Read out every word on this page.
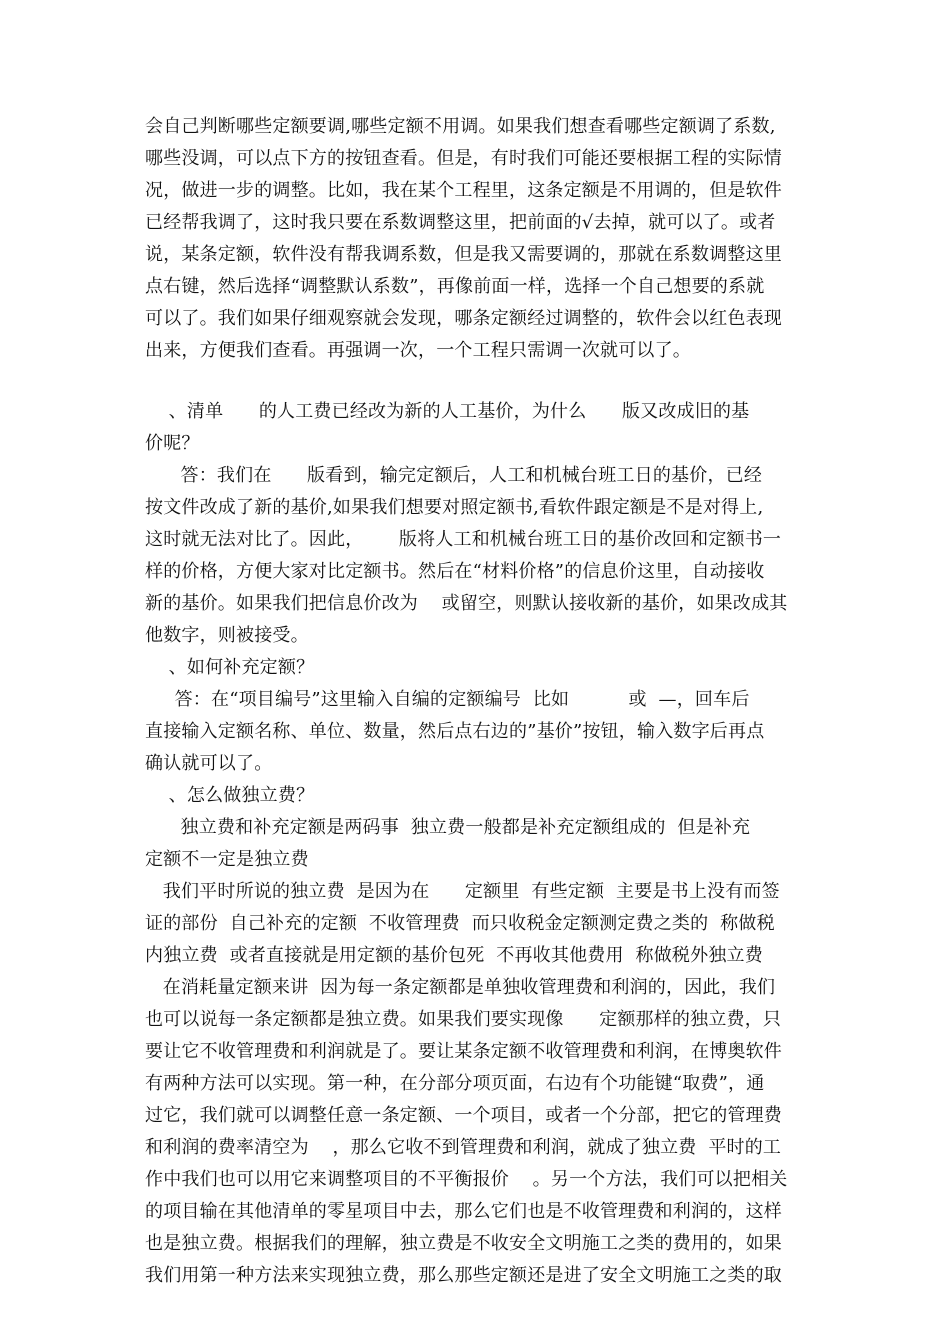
会自己判断哪些定额要调,哪些定额不用调。如果我们想查看哪些定额调了系数,
哪些没调，可以点下方的按钮查看。但是，有时我们可能还要根据工程的实际情
况，做进一步的调整。比如，我在某个工程里，这条定额是不用调的，但是软件
已经帮我调了，这时我只要在系数调整这里，把前面的√去掉，就可以了。或者
说，某条定额，软件没有帮我调系数，但是我又需要调的，那就在系数调整这里
点右键，然后选择“调整默认系数”，再像前面一样，选择一个自己想要的系就
可以了。我们如果仔细观察就会发现，哪条定额经过调整的，软件会以红色表现
出来，方便我们查看。再强调一次，一个工程只需调一次就可以了。
、清单      的人工费已经改为新的人工基价，为什么      版又改成旧的基
价呢？
答：我们在      版看到，输完定额后，人工和机械台班工日的基价，已经
按文件改成了新的基价,如果我们想要对照定额书,看软件跟定额是不是对得上,
这时就无法对比了。因此，      版将人工和机械台班工日的基价改回和定额书一
样的价格，方便大家对比定额书。然后在“材料价格”的信息价这里，自动接收
新的基价。如果我们把信息价改为    或留空，则默认接收新的基价，如果改成其
他数字，则被接受。
、如何补充定额？
答：在“项目编号”这里输入自编的定额编号  比如          或  —，回车后
直接输入定额名称、单位、数量，然后点右边的”基价”按钮，输入数字后再点
确认就可以了。
、怎么做独立费？
独立费和补充定额是两码事  独立费一般都是补充定额组成的  但是补充
定额不一定是独立费
我们平时所说的独立费  是因为在      定额里  有些定额  主要是书上没有而签
证的部份  自己补充的定额  不收管理费  而只收税金定额测定费之类的  称做税
内独立费  或者直接就是用定额的基价包死  不再收其他费用  称做税外独立费
在消耗量定额来讲  因为每一条定额都是单独收管理费和利润的，因此，我们
也可以说每一条定额都是独立费。如果我们要实现像      定额那样的独立费，只
要让它不收管理费和利润就是了。要让某条定额不收管理费和利润，在博奥软件
有两种方法可以实现。第一种，在分部分项页面，右边有个功能键“取费”，通
过它，我们就可以调整任意一条定额、一个项目，或者一个分部，把它的管理费
和利润的费率清空为    ，那么它收不到管理费和利润，就成了独立费  平时的工
作中我们也可以用它来调整项目的不平衡报价    。另一个方法，我们可以把相关
的项目输在其他清单的零星项目中去，那么它们也是不收管理费和利润的，这样
也是独立费。根据我们的理解，独立费是不收安全文明施工之类的费用的，如果
我们用第一种方法来实现独立费，那么那些定额还是进了安全文明施工之类的取
